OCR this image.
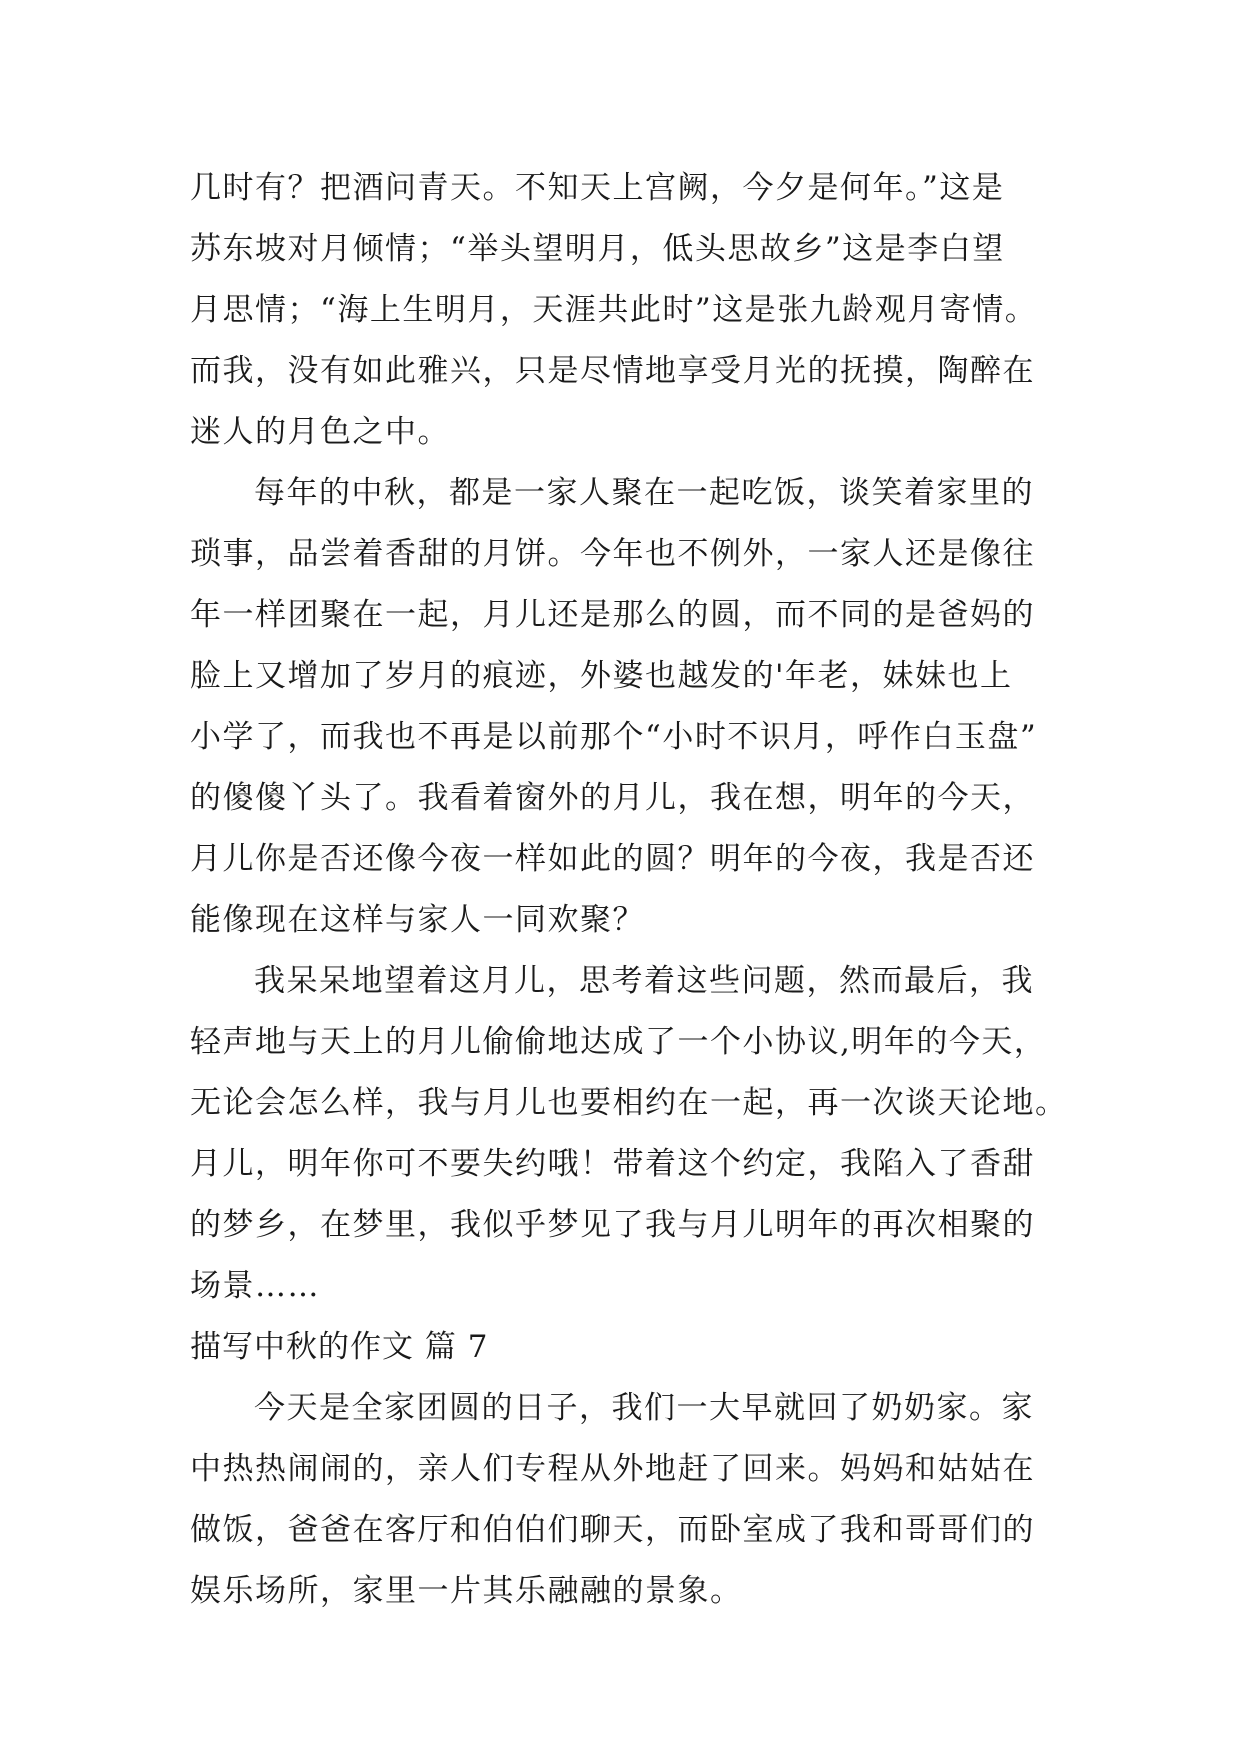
几时有？把酒问青天。不知天上宫阙，今夕是何年。”这是
苏东坡对月倾情；“举头望明月，低头思故乡”这是李白望
月思情；“海上生明月，天涯共此时”这是张九龄观月寄情。
而我，没有如此雅兴，只是尽情地享受月光的抚摸，陶醉在
迷人的月色之中。
每年的中秋，都是一家人聚在一起吃饭，谈笑着家里的
琐事，品尝着香甜的月饼。今年也不例外，一家人还是像往
年一样团聚在一起，月儿还是那么的圆，而不同的是爸妈的
脸上又增加了岁月的痕迹，外婆也越发的'年老，妹妹也上
小学了，而我也不再是以前那个“小时不识月，呼作白玉盘”
的傻傻丫头了。我看着窗外的月儿，我在想，明年的今天，
月儿你是否还像今夜一样如此的圆？明年的今夜，我是否还
能像现在这样与家人一同欢聚？
我呆呆地望着这月儿，思考着这些问题，然而最后，我
轻声地与天上的月儿偷偷地达成了一个小协议,明年的今天，
无论会怎么样，我与月儿也要相约在一起，再一次谈天论地。
月儿，明年你可不要失约哦！带着这个约定，我陷入了香甜
的梦乡，在梦里，我似乎梦见了我与月儿明年的再次相聚的
场景……
描写中秋的作文 篇 7
今天是全家团圆的日子，我们一大早就回了奶奶家。家
中热热闹闹的，亲人们专程从外地赶了回来。妈妈和姑姑在
做饭，爸爸在客厅和伯伯们聊天，而卧室成了我和哥哥们的
娱乐场所，家里一片其乐融融的景象。
